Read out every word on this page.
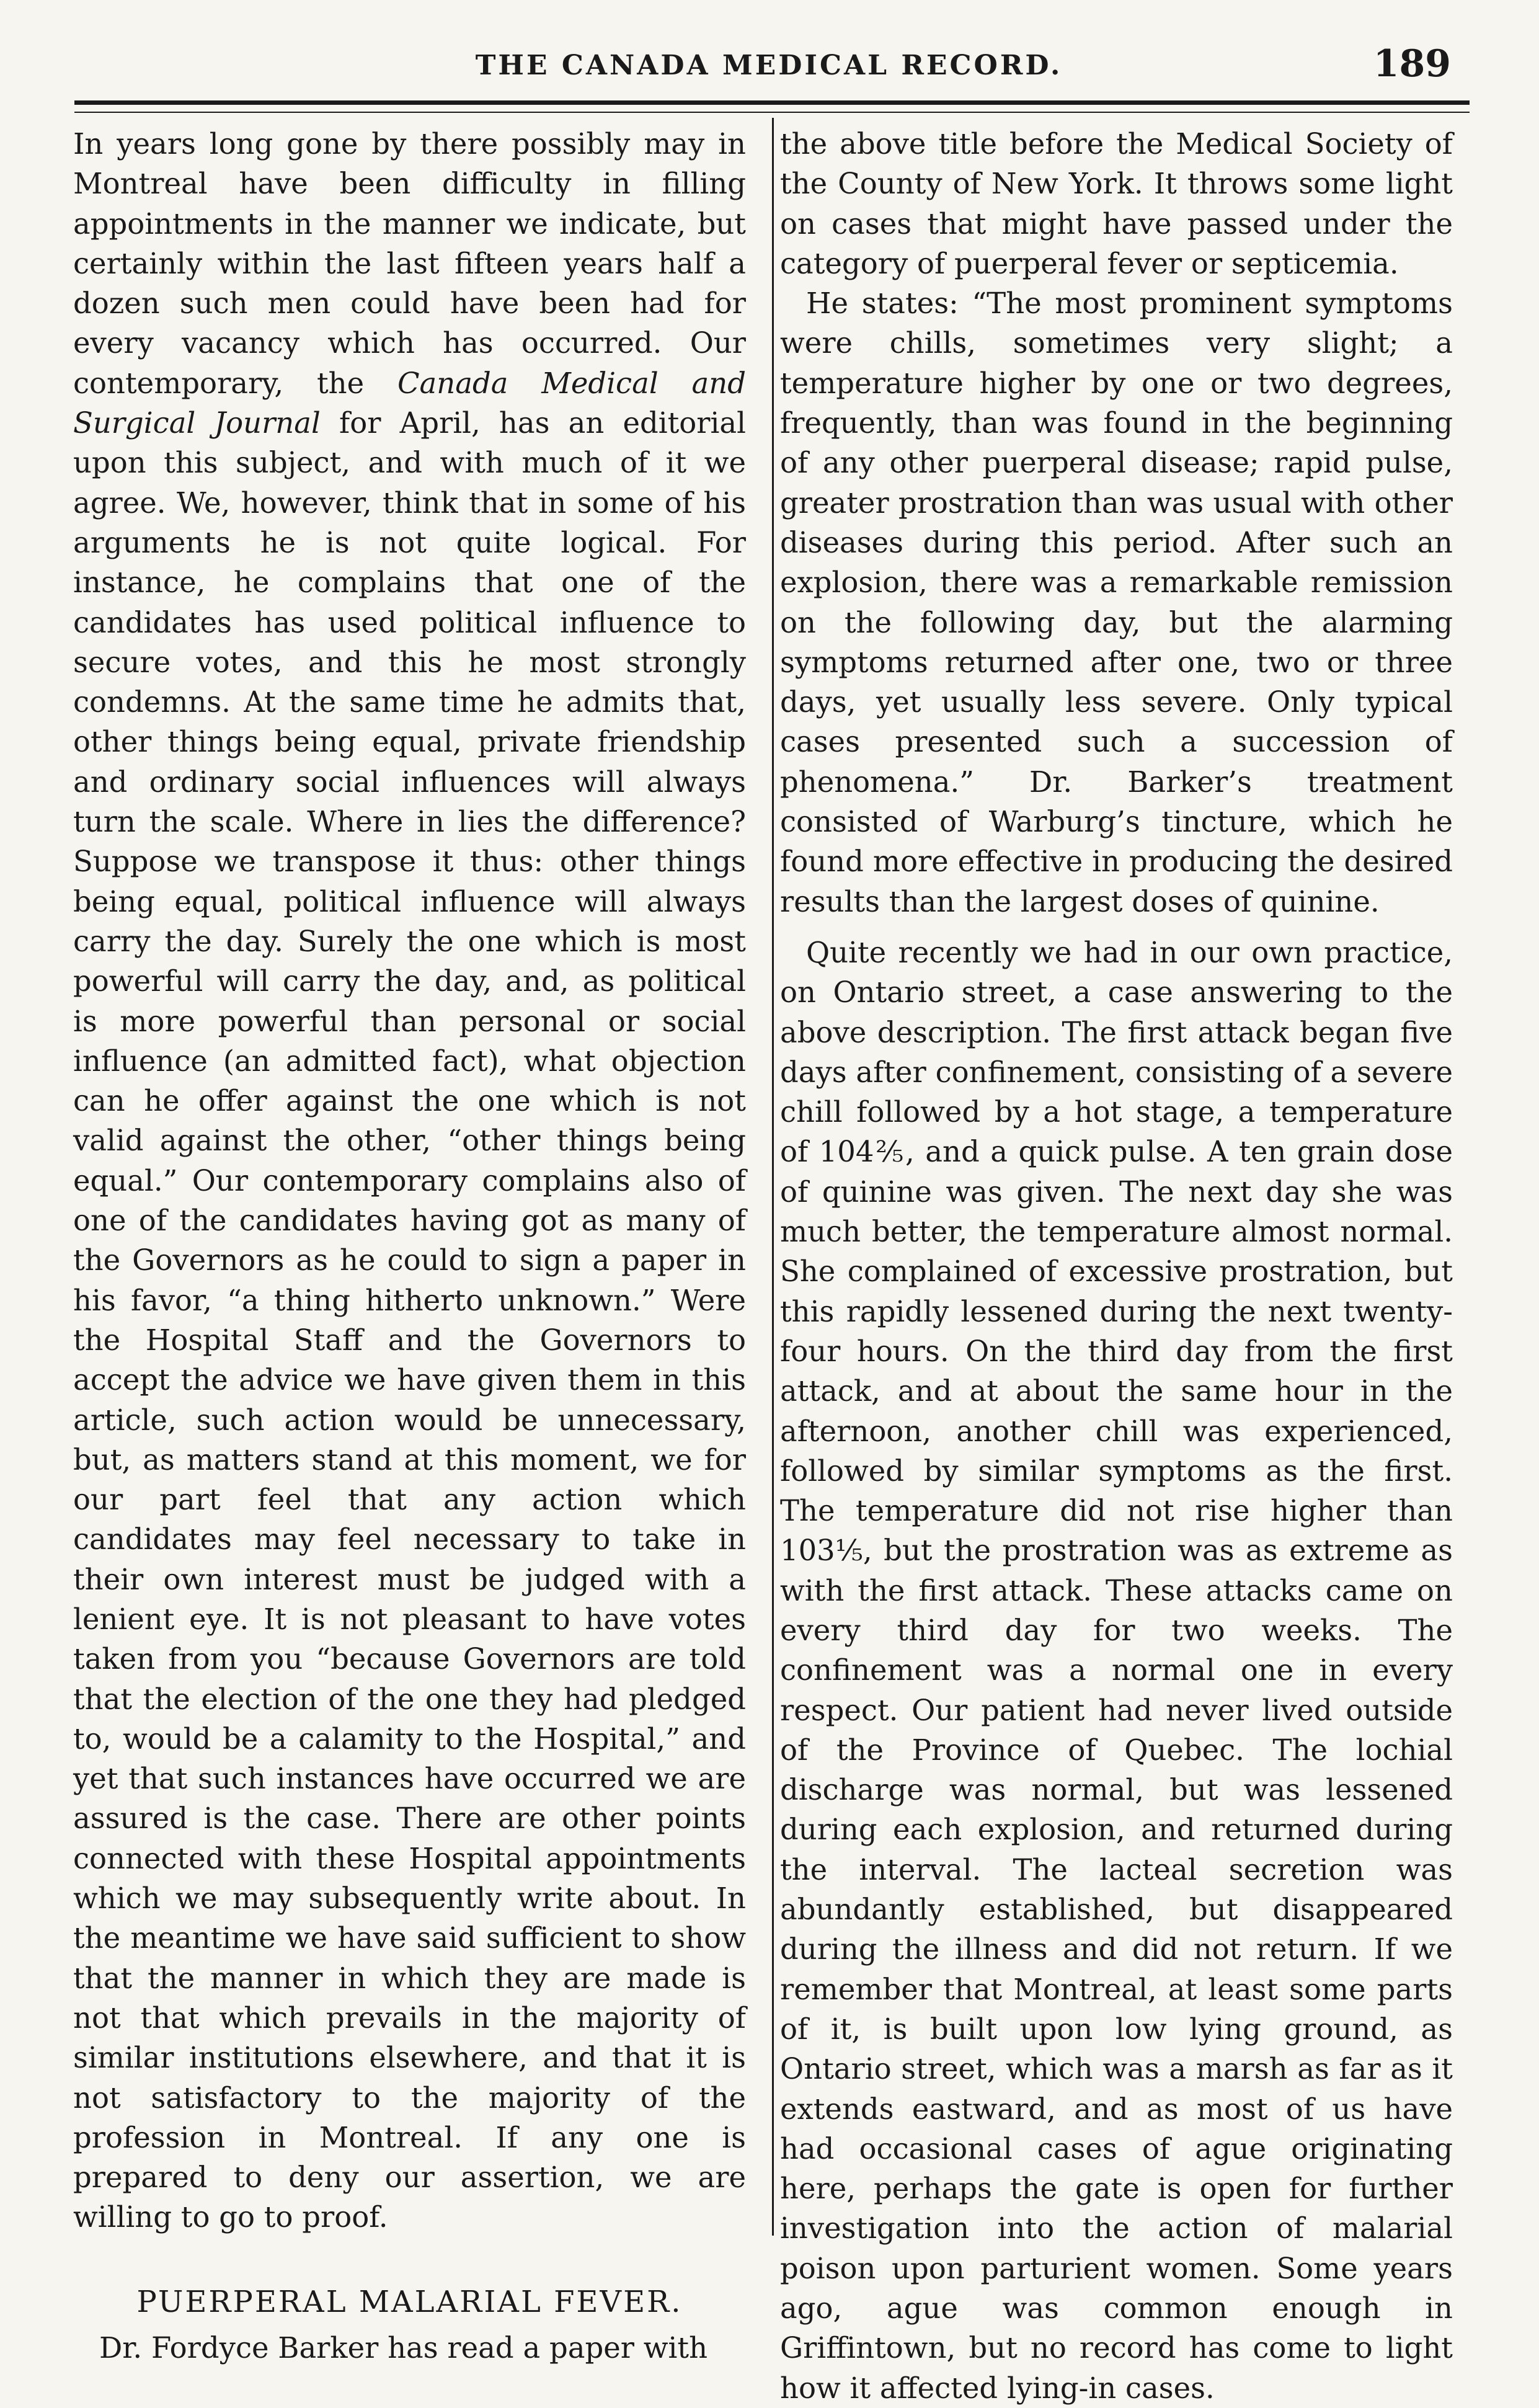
THE CANADA MEDICAL RECORD.	189

In years long gone by there possibly may in Montreal have been difficulty in filling appointments in the manner we indicate, but certainly within the last fifteen years half a dozen such men could have been had for every vacancy which has occurred. Our contemporary, the Canada Medical and Surgical Journal for April, has an editorial upon this subject, and with much of it we agree. We, however, think that in some of his arguments he is not quite logical. For instance, he complains that one of the candidates has used political influence to secure votes, and this he most strongly condemns. At the same time he admits that, other things being equal, private friendship and ordinary social influences will always turn the scale. Where in lies the difference? Suppose we transpose it thus: other things being equal, political influence will always carry the day. Surely the one which is most powerful will carry the day, and, as political is more powerful than personal or social influence (an admitted fact), what objection can he offer against the one which is not valid against the other, “other things being equal.” Our contemporary complains also of one of the candidates having got as many of the Governors as he could to sign a paper in his favor, “a thing hitherto unknown.” Were the Hospital Staff and the Governors to accept the advice we have given them in this article, such action would be unnecessary, but, as matters stand at this moment, we for our part feel that any action which candidates may feel necessary to take in their own interest must be judged with a lenient eye. It is not pleasant to have votes taken from you “because Governors are told that the election of the one they had pledged to, would be a calamity to the Hospital,” and yet that such instances have occurred we are assured is the case. There are other points connected with these Hospital appointments which we may subsequently write about. In the meantime we have said sufficient to show that the manner in which they are made is not that which prevails in the majority of similar institutions elsewhere, and that it is not satisfactory to the majority of the profession in Montreal. If any one is prepared to deny our assertion, we are willing to go to proof.

PUERPERAL MALARIAL FEVER.

Dr. Fordyce Barker has read a paper with

the above title before the Medical Society of the County of New York. It throws some light on cases that might have passed under the category of puerperal fever or septicemia.

He states: “The most prominent symptoms were chills, sometimes very slight; a temperature higher by one or two degrees, frequently, than was found in the beginning of any other puerperal disease; rapid pulse, greater prostration than was usual with other diseases during this period. After such an explosion, there was a remarkable remission on the following day, but the alarming symptoms returned after one, two or three days, yet usually less severe. Only typical cases presented such a succession of phenomena.” Dr. Barker’s treatment consisted of Warburg’s tincture, which he found more effective in producing the desired results than the largest doses of quinine.

Quite recently we had in our own practice, on Ontario street, a case answering to the above description. The first attack began five days after confinement, consisting of a severe chill followed by a hot stage, a temperature of 104⅖, and a quick pulse. A ten grain dose of quinine was given. The next day she was much better, the temperature almost normal. She complained of excessive prostration, but this rapidly lessened during the next twenty-four hours. On the third day from the first attack, and at about the same hour in the afternoon, another chill was experienced, followed by similar symptoms as the first. The temperature did not rise higher than 103⅕, but the prostration was as extreme as with the first attack. These attacks came on every third day for two weeks. The confinement was a normal one in every respect. Our patient had never lived outside of the Province of Quebec. The lochial discharge was normal, but was lessened during each explosion, and returned during the interval. The lacteal secretion was abundantly established, but disappeared during the illness and did not return. If we remember that Montreal, at least some parts of it, is built upon low lying ground, as Ontario street, which was a marsh as far as it extends eastward, and as most of us have had occasional cases of ague originating here, perhaps the gate is open for further investigation into the action of malarial poison upon parturient women. Some years ago, ague was common enough in Griffintown, but no record has come to light how it affected lying-in cases.
